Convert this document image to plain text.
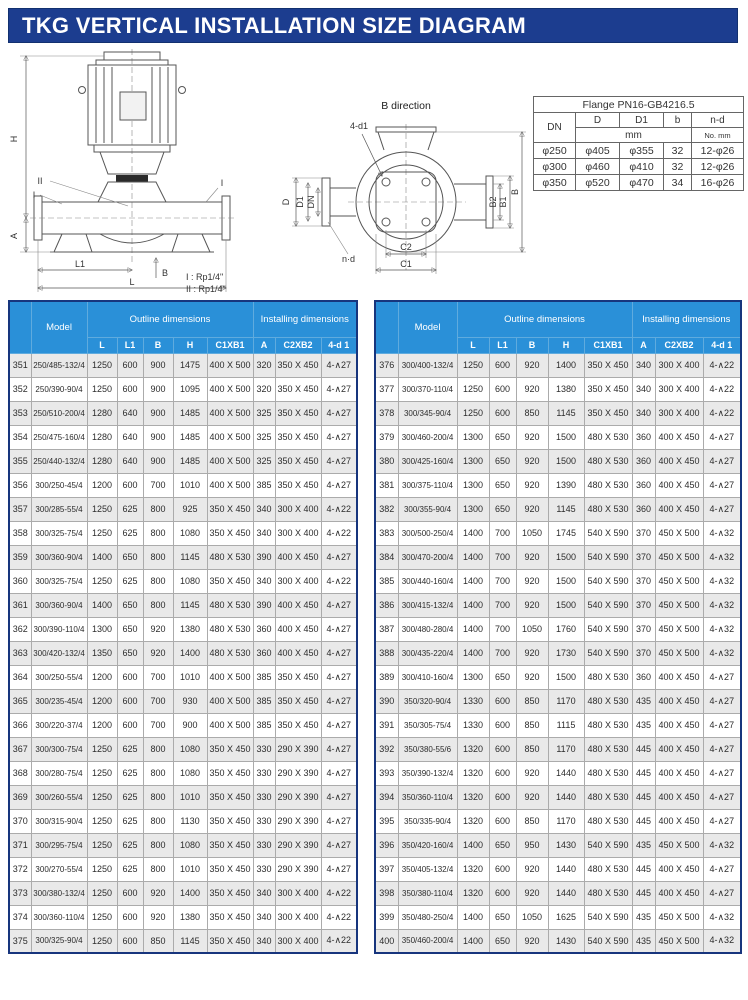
TKG VERTICAL INSTALLATION SIZE DIAGRAM
H
A
L1
L
B
II
I
I
I : Rp1/4"
II : Rp1/4"
B direction
4-d1
D D1 DN
n·d
B2 B1
B
C2
C1
Flange PN16-GB4216.5				
DN	D	D1	b	n-d
	mm			No. mm
φ250	φ405	φ355	32	12-φ26
φ300	φ460	φ410	32	12-φ26
φ350	φ520	φ470	34	16-φ26
	Model	Outline dimensions					Installing dimensions		
		L	L1	B	H	C1XB1	A	C2XB2	4-d 1
351	250/485-132/4	1250	600	900	1475	400 X 500	320	350 X 450	4-∧27
352	250/390-90/4	1250	600	900	1095	400 X 500	320	350 X 450	4-∧27
353	250/510-200/4	1280	640	900	1485	400 X 500	325	350 X 450	4-∧27
354	250/475-160/4	1280	640	900	1485	400 X 500	325	350 X 450	4-∧27
355	250/440-132/4	1280	640	900	1485	400 X 500	325	350 X 450	4-∧27
356	300/250-45/4	1200	600	700	1010	400 X 500	385	350 X 450	4-∧27
357	300/285-55/4	1250	625	800	925	350 X 450	340	300 X 400	4-∧22
358	300/325-75/4	1250	625	800	1080	350 X 450	340	300 X 400	4-∧22
359	300/360-90/4	1400	650	800	1145	480 X 530	390	400 X 450	4-∧27
360	300/325-75/4	1250	625	800	1080	350 X 450	340	300 X 400	4-∧22
361	300/360-90/4	1400	650	800	1145	480 X 530	390	400 X 450	4-∧27
362	300/390-110/4	1300	650	920	1380	480 X 530	360	400 X 450	4-∧27
363	300/420-132/4	1350	650	920	1400	480 X 530	360	400 X 450	4-∧27
364	300/250-55/4	1200	600	700	1010	400 X 500	385	350 X 450	4-∧27
365	300/235-45/4	1200	600	700	930	400 X 500	385	350 X 450	4-∧27
366	300/220-37/4	1200	600	700	900	400 X 500	385	350 X 450	4-∧27
367	300/300-75/4	1250	625	800	1080	350 X 450	330	290 X 390	4-∧27
368	300/280-75/4	1250	625	800	1080	350 X 450	330	290 X 390	4-∧27
369	300/260-55/4	1250	625	800	1010	350 X 450	330	290 X 390	4-∧27
370	300/315-90/4	1250	625	800	1130	350 X 450	330	290 X 390	4-∧27
371	300/295-75/4	1250	625	800	1080	350 X 450	330	290 X 390	4-∧27
372	300/270-55/4	1250	625	800	1010	350 X 450	330	290 X 390	4-∧27
373	300/380-132/4	1250	600	920	1400	350 X 450	340	300 X 400	4-∧22
374	300/360-110/4	1250	600	920	1380	350 X 450	340	300 X 400	4-∧22
375	300/325-90/4	1250	600	850	1145	350 X 450	340	300 X 400	4-∧22
	Model	Outline dimensions					Installing dimensions		
		L	L1	B	H	C1XB1	A	C2XB2	4-d 1
376	300/400-132/4	1250	600	920	1400	350 X 450	340	300 X 400	4-∧22
377	300/370-110/4	1250	600	920	1380	350 X 450	340	300 X 400	4-∧22
378	300/345-90/4	1250	600	850	1145	350 X 450	340	300 X 400	4-∧22
379	300/460-200/4	1300	650	920	1500	480 X 530	360	400 X 450	4-∧27
380	300/425-160/4	1300	650	920	1500	480 X 530	360	400 X 450	4-∧27
381	300/375-110/4	1300	650	920	1390	480 X 530	360	400 X 450	4-∧27
382	300/355-90/4	1300	650	920	1145	480 X 530	360	400 X 450	4-∧27
383	300/500-250/4	1400	700	1050	1745	540 X 590	370	450 X 500	4-∧32
384	300/470-200/4	1400	700	920	1500	540 X 590	370	450 X 500	4-∧32
385	300/440-160/4	1400	700	920	1500	540 X 590	370	450 X 500	4-∧32
386	300/415-132/4	1400	700	920	1500	540 X 590	370	450 X 500	4-∧32
387	300/480-280/4	1400	700	1050	1760	540 X 590	370	450 X 500	4-∧32
388	300/435-220/4	1400	700	920	1730	540 X 590	370	450 X 500	4-∧32
389	300/410-160/4	1300	650	920	1500	480 X 530	360	400 X 450	4-∧27
390	350/320-90/4	1330	600	850	1170	480 X 530	435	400 X 450	4-∧27
391	350/305-75/4	1330	600	850	1115	480 X 530	435	400 X 450	4-∧27
392	350/380-55/6	1320	600	850	1170	480 X 530	445	400 X 450	4-∧27
393	350/390-132/4	1320	600	920	1440	480 X 530	445	400 X 450	4-∧27
394	350/360-110/4	1320	600	920	1440	480 X 530	445	400 X 450	4-∧27
395	350/335-90/4	1320	600	850	1170	480 X 530	445	400 X 450	4-∧27
396	350/420-160/4	1400	650	950	1430	540 X 590	435	450 X 500	4-∧32
397	350/405-132/4	1320	600	920	1440	480 X 530	445	400 X 450	4-∧27
398	350/380-110/4	1320	600	920	1440	480 X 530	445	400 X 450	4-∧27
399	350/480-250/4	1400	650	1050	1625	540 X 590	435	450 X 500	4-∧32
400	350/460-200/4	1400	650	920	1430	540 X 590	435	450 X 500	4-∧32
